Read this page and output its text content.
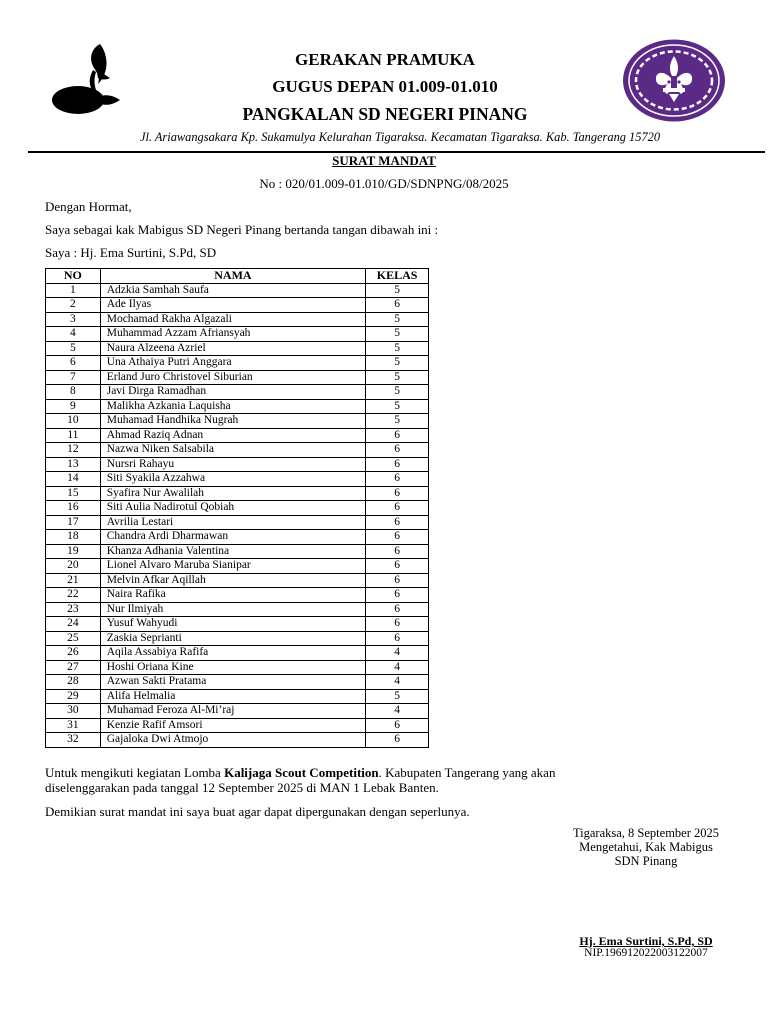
GERAKAN PRAMUKA
GUGUS DEPAN 01.009-01.010
PANGKALAN SD NEGERI PINANG
Jl. Ariawangsakara Kp. Sukamulya Kelurahan Tigaraksa. Kecamatan Tigaraksa. Kab. Tangerang 15720
SURAT MANDAT
No : 020/01.009-01.010/GD/SDNPNG/08/2025
Dengan Hormat,
Saya sebagai kak Mabigus SD Negeri Pinang bertanda tangan dibawah ini :
Saya : Hj. Ema Surtini, S.Pd, SD
NO	NAMA	KELAS
1	Adzkia Samhah Saufa	5
2	Ade Ilyas	6
3	Mochamad Rakha Algazali	5
4	Muhammad Azzam Afriansyah	5
5	Naura Alzeena Azriel	5
6	Una Athaiya Putri Anggara	5
7	Erland Juro Christovel Siburian	5
8	Javi Dirga Ramadhan	5
9	Malikha Azkania Laquisha	5
10	Muhamad Handhika Nugrah	5
11	Ahmad Raziq Adnan	6
12	Nazwa Niken Salsabila	6
13	Nursri Rahayu	6
14	Siti Syakila Azzahwa	6
15	Syafira Nur Awalilah	6
16	Siti Aulia Nadirotul Qobiah	6
17	Avrilia Lestari	6
18	Chandra Ardi Dharmawan	6
19	Khanza Adhania Valentina	6
20	Lionel Alvaro Maruba Sianipar	6
21	Melvin Afkar Aqillah	6
22	Naira Rafika	6
23	Nur Ilmiyah	6
24	Yusuf Wahyudi	6
25	Zaskia Seprianti	6
26	Aqila Assabiya Rafifa	4
27	Hoshi Oriana Kine	4
28	Azwan Sakti Pratama	4
29	Alifa Helmalia	5
30	Muhamad Feroza Al-Mi’raj	4
31	Kenzie Rafif Amsori	6
32	Gajaloka Dwi Atmojo	6
Untuk mengikuti kegiatan Lomba Kalijaga Scout Competition. Kabupaten Tangerang yang akan
diselenggarakan pada tanggal 12 September 2025 di MAN 1 Lebak Banten.
Demikian surat mandat ini saya buat agar dapat dipergunakan dengan seperlunya.
Tigaraksa, 8 September 2025
Mengetahui, Kak Mabigus
SDN Pinang
Hj. Ema Surtini, S.Pd, SD
NIP.196912022003122007
